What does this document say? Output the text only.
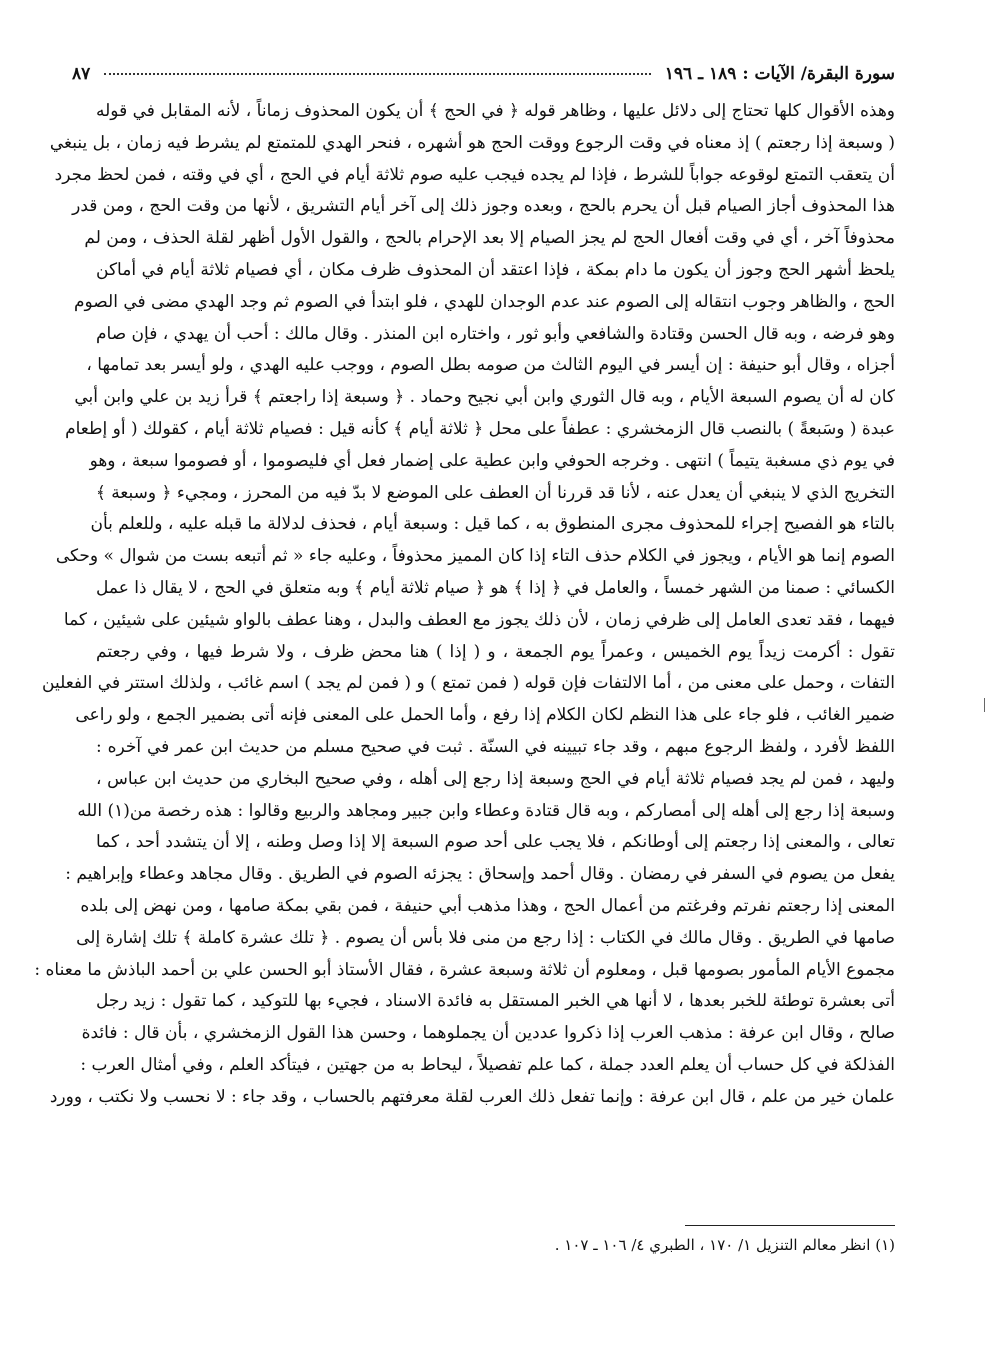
سورة البقرة/ الآيات : ١٨٩ ـ ١٩٦
٨٧
وهذه الأقوال كلها تحتاج إلى دلائل عليها ، وظاهر قوله ﴿ في الحج ﴾ أن يكون المحذوف زماناً ، لأنه المقابل في قوله
( وسبعة إذا رجعتم ) إذ معناه في وقت الرجوع ووقت الحج هو أشهره ، فنحر الهدي للمتمتع لم يشرط فيه زمان ، بل ينبغي
أن يتعقب التمتع لوقوعه جواباً للشرط ، فإذا لم يجده فيجب عليه صوم ثلاثة أيام في الحج ، أي في وقته ، فمن لحظ مجرد
هذا المحذوف أجاز الصيام قبل أن يحرم بالحج ، وبعده وجوز ذلك إلى آخر أيام التشريق ، لأنها من وقت الحج ، ومن قدر
محذوفاً آخر ، أي في وقت أفعال الحج لم يجز الصيام إلا بعد الإحرام بالحج ، والقول الأول أظهر لقلة الحذف ، ومن لم
يلحظ أشهر الحج وجوز أن يكون ما دام بمكة ، فإذا اعتقد أن المحذوف ظرف مكان ، أي فصيام ثلاثة أيام في أماكن
الحج ، والظاهر وجوب انتقاله إلى الصوم عند عدم الوجدان للهدي ، فلو ابتدأ في الصوم ثم وجد الهدي مضى في الصوم
وهو فرضه ، وبه قال الحسن وقتادة والشافعي وأبو ثور ، واختاره ابن المنذر . وقال مالك : أحب أن يهدي ، فإن صام
أجزاه ، وقال أبو حنيفة : إن أيسر في اليوم الثالث من صومه بطل الصوم ، ووجب عليه الهدي ، ولو أيسر بعد تمامها ،
كان له أن يصوم السبعة الأيام ، وبه قال الثوري وابن أبي نجيح وحماد . ﴿ وسبعة إذا راجعتم ﴾ قرأ زيد بن علي وابن أبي
عبدة ( وسَبعةً ) بالنصب قال الزمخشري : عطفاً على محل ﴿ ثلاثة أيام ﴾ كأنه قيل : فصيام ثلاثة أيام ، كقولك ( أو إطعام
في يوم ذي مسغبة يتيماً ) انتهى . وخرجه الحوفي وابن عطية على إضمار فعل أي فليصوموا ، أو فصوموا سبعة ، وهو
التخريج الذي لا ينبغي أن يعدل عنه ، لأنا قد قررنا أن العطف على الموضع لا بدّ فيه من المحرز ، ومجيء ﴿ وسبعة ﴾
بالتاء هو الفصيح إجراء للمحذوف مجرى المنطوق به ، كما قيل : وسبعة أيام ، فحذف لدلالة ما قبله عليه ، وللعلم بأن
الصوم إنما هو الأيام ، ويجوز في الكلام حذف التاء إذا كان المميز محذوفاً ، وعليه جاء « ثم أتبعه بست من شوال » وحكى
الكسائي : صمنا من الشهر خمساً ، والعامل في ﴿ إذا ﴾ هو ﴿ صيام ثلاثة أيام ﴾ وبه متعلق في الحج ، لا يقال ذا عمل
فيهما ، فقد تعدى العامل إلى ظرفي زمان ، لأن ذلك يجوز مع العطف والبدل ، وهنا عطف بالواو شيئين على شيئين ، كما
تقول : أكرمت زيداً يوم الخميس ، وعمراً يوم الجمعة ، و ( إذا ) هنا محض ظرف ، ولا شرط فيها ، وفي رجعتم
التفات ، وحمل على معنى من ، أما الالتفات فإن قوله ( فمن تمتع ) و ( فمن لم يجد ) اسم غائب ، ولذلك استتر في الفعلين
ضمير الغائب ، فلو جاء على هذا النظم لكان الكلام إذا رفع ، وأما الحمل على المعنى فإنه أتى بضمير الجمع ، ولو راعى
اللفظ لأفرد ، ولفظ الرجوع مبهم ، وقد جاء تبيينه في السنّة . ثبت في صحيح مسلم من حديث ابن عمر في آخره :
وليهد ، فمن لم يجد فصيام ثلاثة أيام في الحج وسبعة إذا رجع إلى أهله ، وفي صحيح البخاري من حديث ابن عباس ،
وسبعة إذا رجع إلى أهله إلى أمصاركم ، وبه قال قتادة وعطاء وابن جبير ومجاهد والربيع وقالوا : هذه رخصة من(١) الله
تعالى ، والمعنى إذا رجعتم إلى أوطانكم ، فلا يجب على أحد صوم السبعة إلا إذا وصل وطنه ، إلا أن يتشدد أحد ، كما
يفعل من يصوم في السفر في رمضان . وقال أحمد وإسحاق : يجزئه الصوم في الطريق . وقال مجاهد وعطاء وإبراهيم :
المعنى إذا رجعتم نفرتم وفرغتم من أعمال الحج ، وهذا مذهب أبي حنيفة ، فمن بقي بمكة صامها ، ومن نهض إلى بلده
صامها في الطريق . وقال مالك في الكتاب : إذا رجع من منى فلا بأس أن يصوم . ﴿ تلك عشرة كاملة ﴾ تلك إشارة إلى
مجموع الأيام المأمور بصومها قبل ، ومعلوم أن ثلاثة وسبعة عشرة ، فقال الأستاذ أبو الحسن علي بن أحمد الباذش ما معناه :
أتى بعشرة توطئة للخبر بعدها ، لا أنها هي الخبر المستقل به فائدة الاسناد ، فجيء بها للتوكيد ، كما تقول : زيد رجل
صالح ، وقال ابن عرفة : مذهب العرب إذا ذكروا عددين أن يجملوهما ، وحسن هذا القول الزمخشري ، بأن قال : فائدة
الفذلكة في كل حساب أن يعلم العدد جملة ، كما علم تفصيلاً ، ليحاط به من جهتين ، فيتأكد العلم ، وفي أمثال العرب :
علمان خير من علم ، قال ابن عرفة : وإنما تفعل ذلك العرب لقلة معرفتهم بالحساب ، وقد جاء : لا نحسب ولا نكتب ، وورد
(١) انظر معالم التنزيل ١/ ١٧٠ ، الطبري ٤/ ١٠٦ ـ ١٠٧ .
